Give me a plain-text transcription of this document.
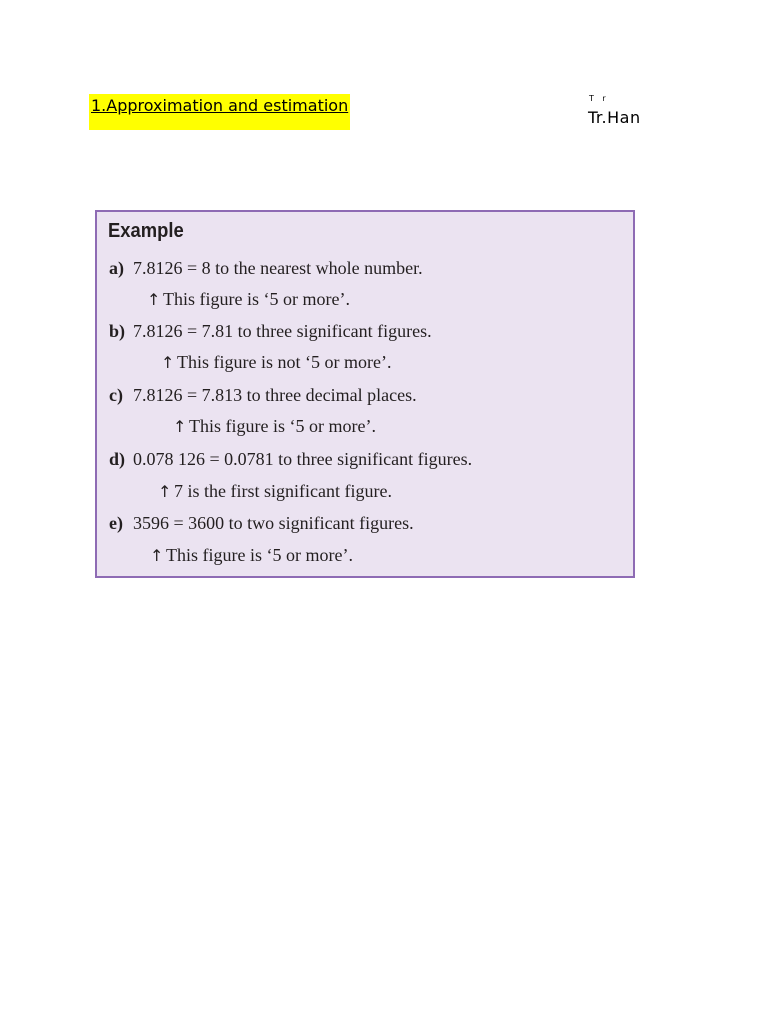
1.Approximation and estimation	T r
Tr.Han
Example
a) 7.8126 = 8 to the nearest whole number.
↑ This figure is ‘5 or more’.
b) 7.8126 = 7.81 to three significant figures.
↑ This figure is not ‘5 or more’.
c) 7.8126 = 7.813 to three decimal places.
↑ This figure is ‘5 or more’.
d) 0.078 126 = 0.0781 to three significant figures.
↑ 7 is the first significant figure.
e) 3596 = 3600 to two significant figures.
↑ This figure is ‘5 or more’.
